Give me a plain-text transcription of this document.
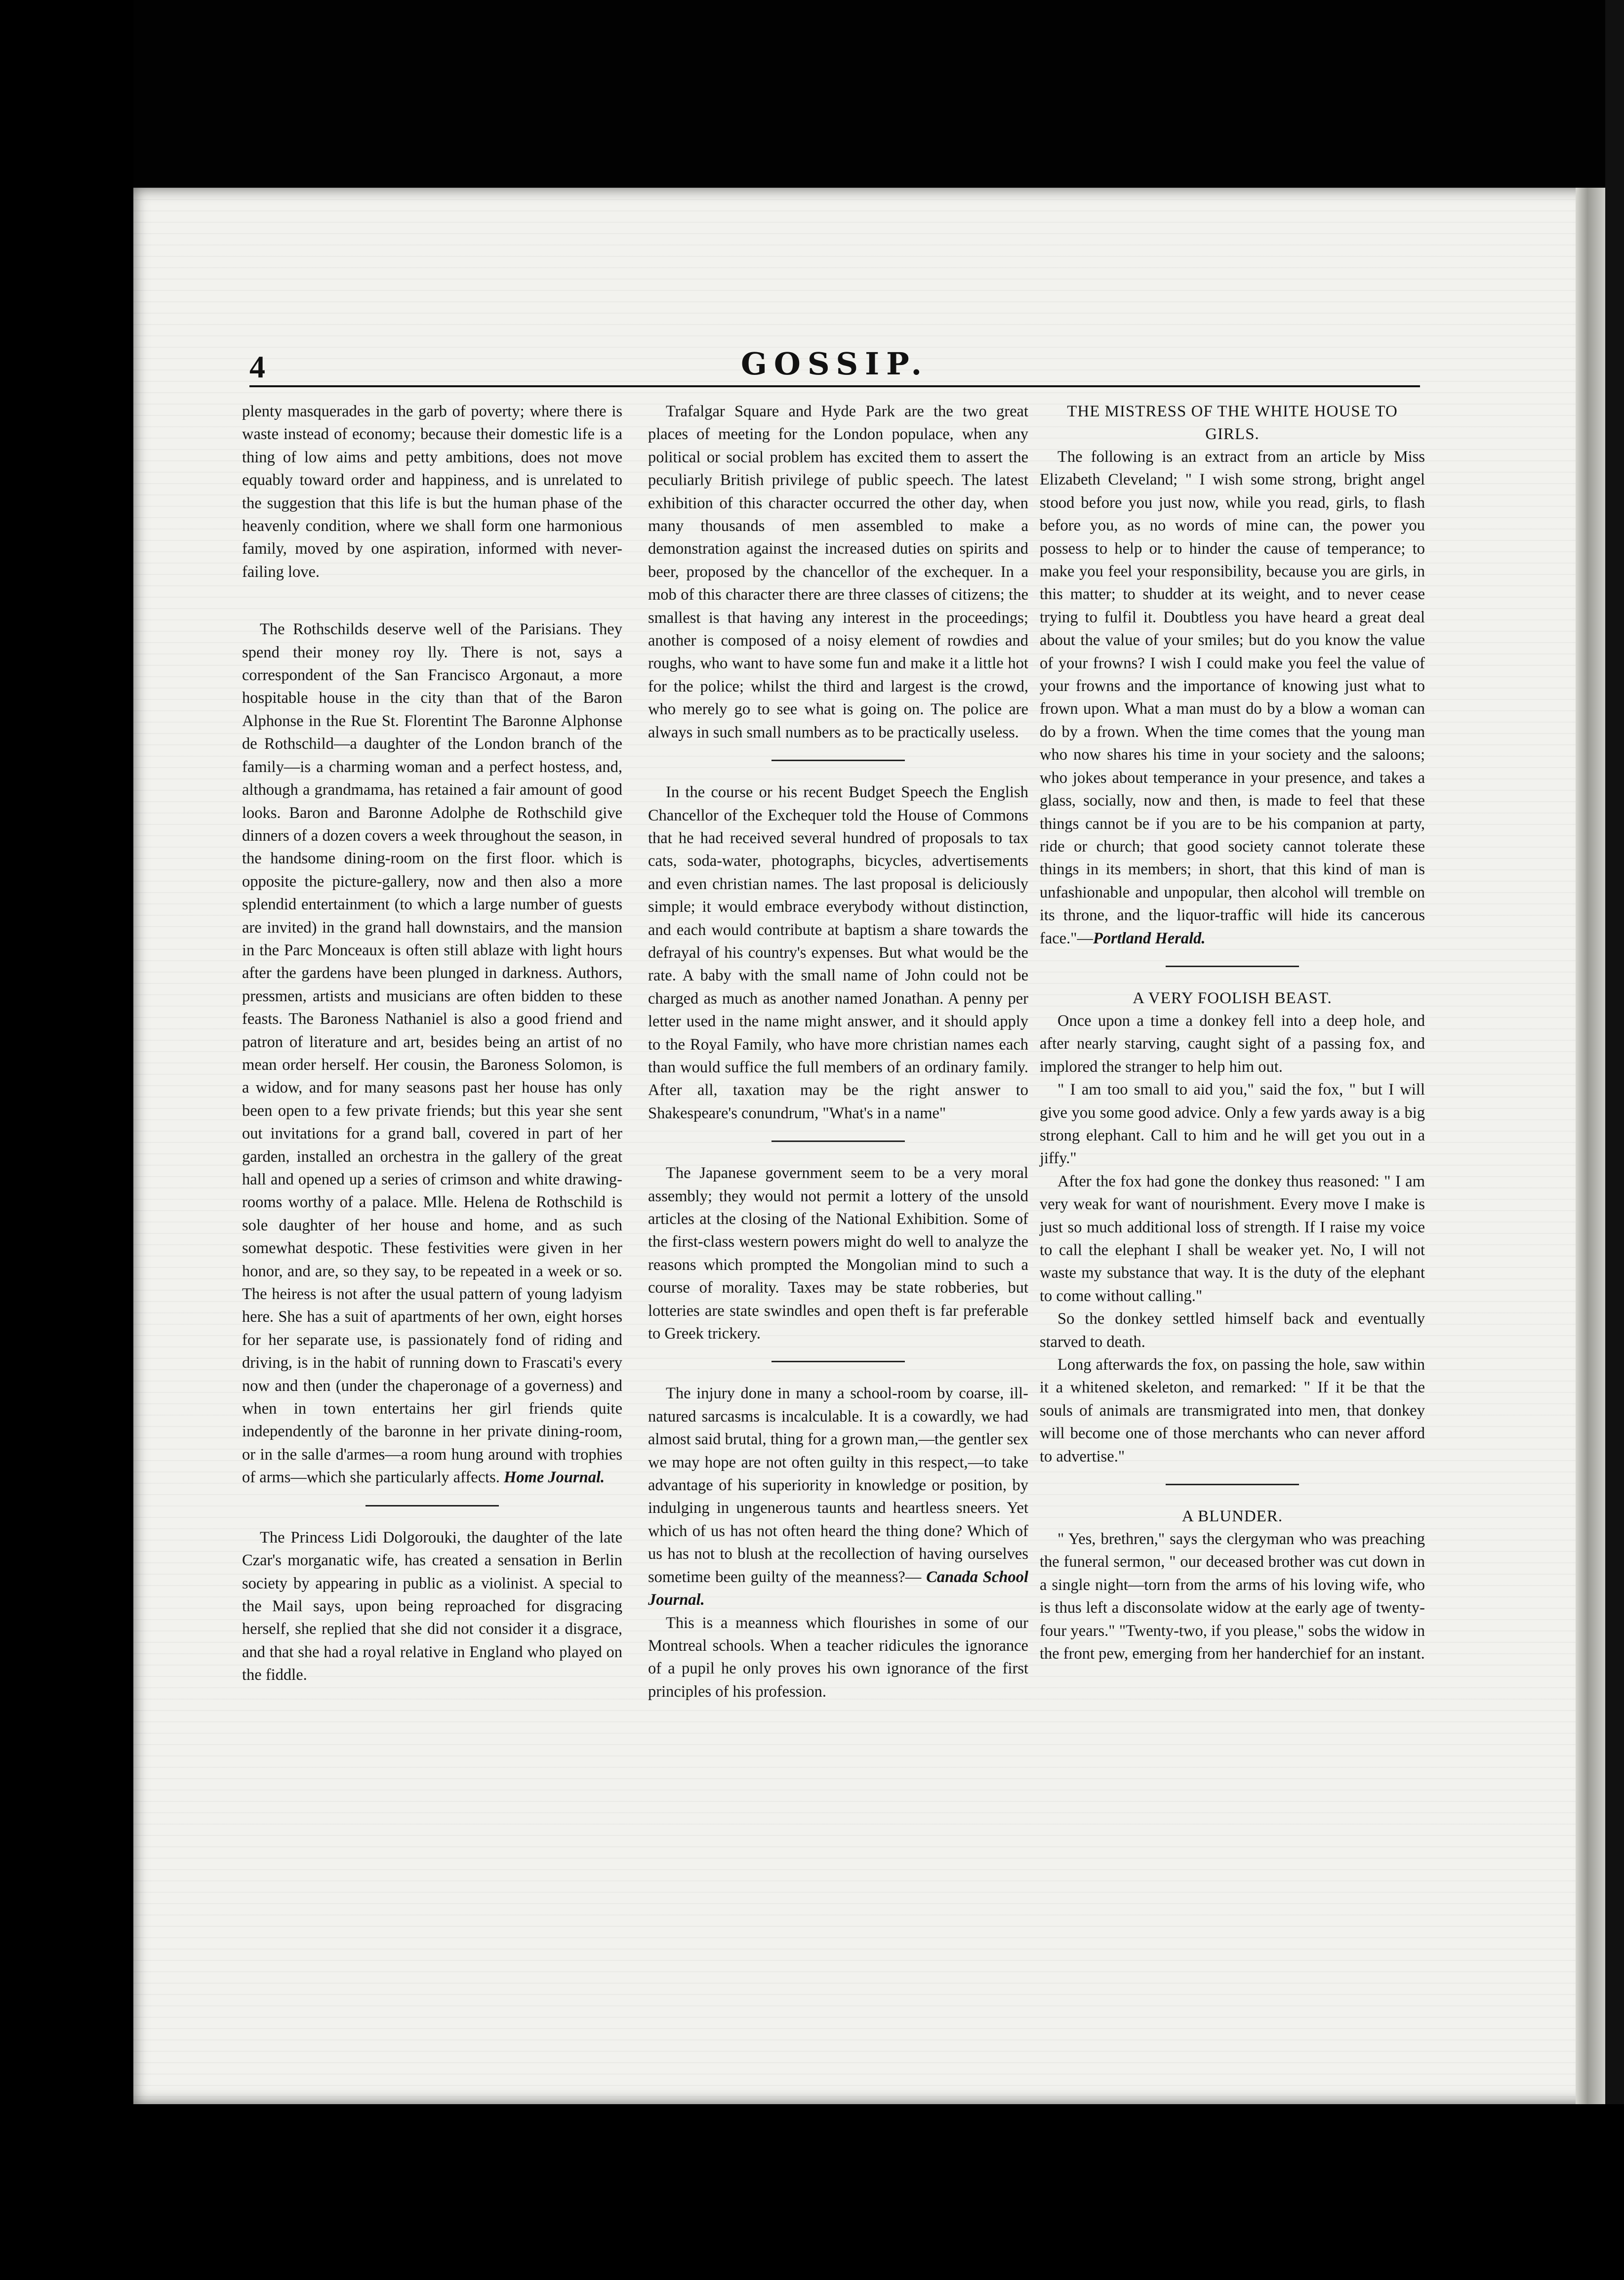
4	GOSSIP.

plenty masquerades in the garb of poverty; where there is waste instead of economy; because their domestic life is a thing of low aims and petty ambitions, does not move equably toward order and happiness, and is unrelated to the suggestion that this life is but the human phase of the heavenly condition, where we shall form one harmonious family, moved by one aspiration, informed with never-failing love.

The Rothschilds deserve well of the Parisians. They spend their money roy lly. There is not, says a correspondent of the San Francisco Argonaut, a more hospitable house in the city than that of the Baron Alphonse in the Rue St. Florentint The Baronne Alphonse de Rothschild—a daughter of the London branch of the family—is a charming woman and a perfect hostess, and, although a grandmama, has retained a fair amount of good looks. Baron and Baronne Adolphe de Rothschild give dinners of a dozen covers a week throughout the season, in the handsome dining-room on the first floor. which is opposite the picture-gallery, now and then also a more splendid entertainment (to which a large number of guests are invited) in the grand hall downstairs, and the mansion in the Parc Monceaux is often still ablaze with light hours after the gardens have been plunged in darkness. Authors, pressmen, artists and musicians are often bidden to these feasts. The Baroness Nathaniel is also a good friend and patron of literature and art, besides being an artist of no mean order herself. Her cousin, the Baroness Solomon, is a widow, and for many seasons past her house has only been open to a few private friends; but this year she sent out invitations for a grand ball, covered in part of her garden, installed an orchestra in the gallery of the great hall and opened up a series of crimson and white drawing-rooms worthy of a palace. Mlle. Helena de Rothschild is sole daughter of her house and home, and as such somewhat despotic. These festivities were given in her honor, and are, so they say, to be repeated in a week or so. The heiress is not after the usual pattern of young ladyism here. She has a suit of apartments of her own, eight horses for her separate use, is passionately fond of riding and driving, is in the habit of running down to Frascati's every now and then (under the chaperonage of a governess) and when in town entertains her girl friends quite independently of the baronne in her private dining-room, or in the salle d'armes—a room hung around with trophies of arms—which she particularly affects. Home Journal.

The Princess Lidi Dolgorouki, the daughter of the late Czar's morganatic wife, has created a sensation in Berlin society by appearing in public as a violinist. A special to the Mail says, upon being reproached for disgracing herself, she replied that she did not consider it a disgrace, and that she had a royal relative in England who played on the fiddle.

Trafalgar Square and Hyde Park are the two great places of meeting for the London populace, when any political or social problem has excited them to assert the peculiarly British privilege of public speech. The latest exhibition of this character occurred the other day, when many thousands of men assembled to make a demonstration against the increased duties on spirits and beer, proposed by the chancellor of the exchequer. In a mob of this character there are three classes of citizens; the smallest is that having any interest in the proceedings; another is composed of a noisy element of rowdies and roughs, who want to have some fun and make it a little hot for the police; whilst the third and largest is the crowd, who merely go to see what is going on. The police are always in such small numbers as to be practically useless.

In the course or his recent Budget Speech the English Chancellor of the Exchequer told the House of Commons that he had received several hundred of proposals to tax cats, soda-water, photographs, bicycles, advertisements and even christian names. The last proposal is deliciously simple; it would embrace everybody without distinction, and each would contribute at baptism a share towards the defrayal of his country's expenses. But what would be the rate. A baby with the small name of John could not be charged as much as another named Jonathan. A penny per letter used in the name might answer, and it should apply to the Royal Family, who have more christian names each than would suffice the full members of an ordinary family. After all, taxation may be the right answer to Shakespeare's conundrum, "What's in a name"

The Japanese government seem to be a very moral assembly; they would not permit a lottery of the unsold articles at the closing of the National Exhibition. Some of the first-class western powers might do well to analyze the reasons which prompted the Mongolian mind to such a course of morality. Taxes may be state robberies, but lotteries are state swindles and open theft is far preferable to Greek trickery.

The injury done in many a school-room by coarse, ill-natured sarcasms is incalculable. It is a cowardly, we had almost said brutal, thing for a grown man,—the gentler sex we may hope are not often guilty in this respect,—to take advantage of his superiority in knowledge or position, by indulging in ungenerous taunts and heartless sneers. Yet which of us has not often heard the thing done? Which of us has not to blush at the recollection of having ourselves sometime been guilty of the meanness?— Canada School Journal.

This is a meanness which flourishes in some of our Montreal schools. When a teacher ridicules the ignorance of a pupil he only proves his own ignorance of the first principles of his profession.

THE MISTRESS OF THE WHITE HOUSE TO GIRLS.

The following is an extract from an article by Miss Elizabeth Cleveland; " I wish some strong, bright angel stood before you just now, while you read, girls, to flash before you, as no words of mine can, the power you possess to help or to hinder the cause of temperance; to make you feel your responsibility, because you are girls, in this matter; to shudder at its weight, and to never cease trying to fulfil it. Doubtless you have heard a great deal about the value of your smiles; but do you know the value of your frowns? I wish I could make you feel the value of your frowns and the importance of knowing just what to frown upon. What a man must do by a blow a woman can do by a frown. When the time comes that the young man who now shares his time in your society and the saloons; who jokes about temperance in your presence, and takes a glass, socially, now and then, is made to feel that these things cannot be if you are to be his companion at party, ride or church; that good society cannot tolerate these things in its members; in short, that this kind of man is unfashionable and unpopular, then alcohol will tremble on its throne, and the liquor-traffic will hide its cancerous face."—Portland Herald.

A VERY FOOLISH BEAST.

Once upon a time a donkey fell into a deep hole, and after nearly starving, caught sight of a passing fox, and implored the stranger to help him out.

" I am too small to aid you," said the fox, " but I will give you some good advice. Only a few yards away is a big strong elephant. Call to him and he will get you out in a jiffy."

After the fox had gone the donkey thus reasoned: " I am very weak for want of nourishment. Every move I make is just so much additional loss of strength. If I raise my voice to call the elephant I shall be weaker yet. No, I will not waste my substance that way. It is the duty of the elephant to come without calling."

So the donkey settled himself back and eventually starved to death.

Long afterwards the fox, on passing the hole, saw within it a whitened skeleton, and remarked: " If it be that the souls of animals are transmigrated into men, that donkey will become one of those merchants who can never afford to advertise."

A BLUNDER.

" Yes, brethren," says the clergyman who was preaching the funeral sermon, " our deceased brother was cut down in a single night—torn from the arms of his loving wife, who is thus left a disconsolate widow at the early age of twenty-four years." "Twenty-two, if you please," sobs the widow in the front pew, emerging from her handerchief for an instant.
